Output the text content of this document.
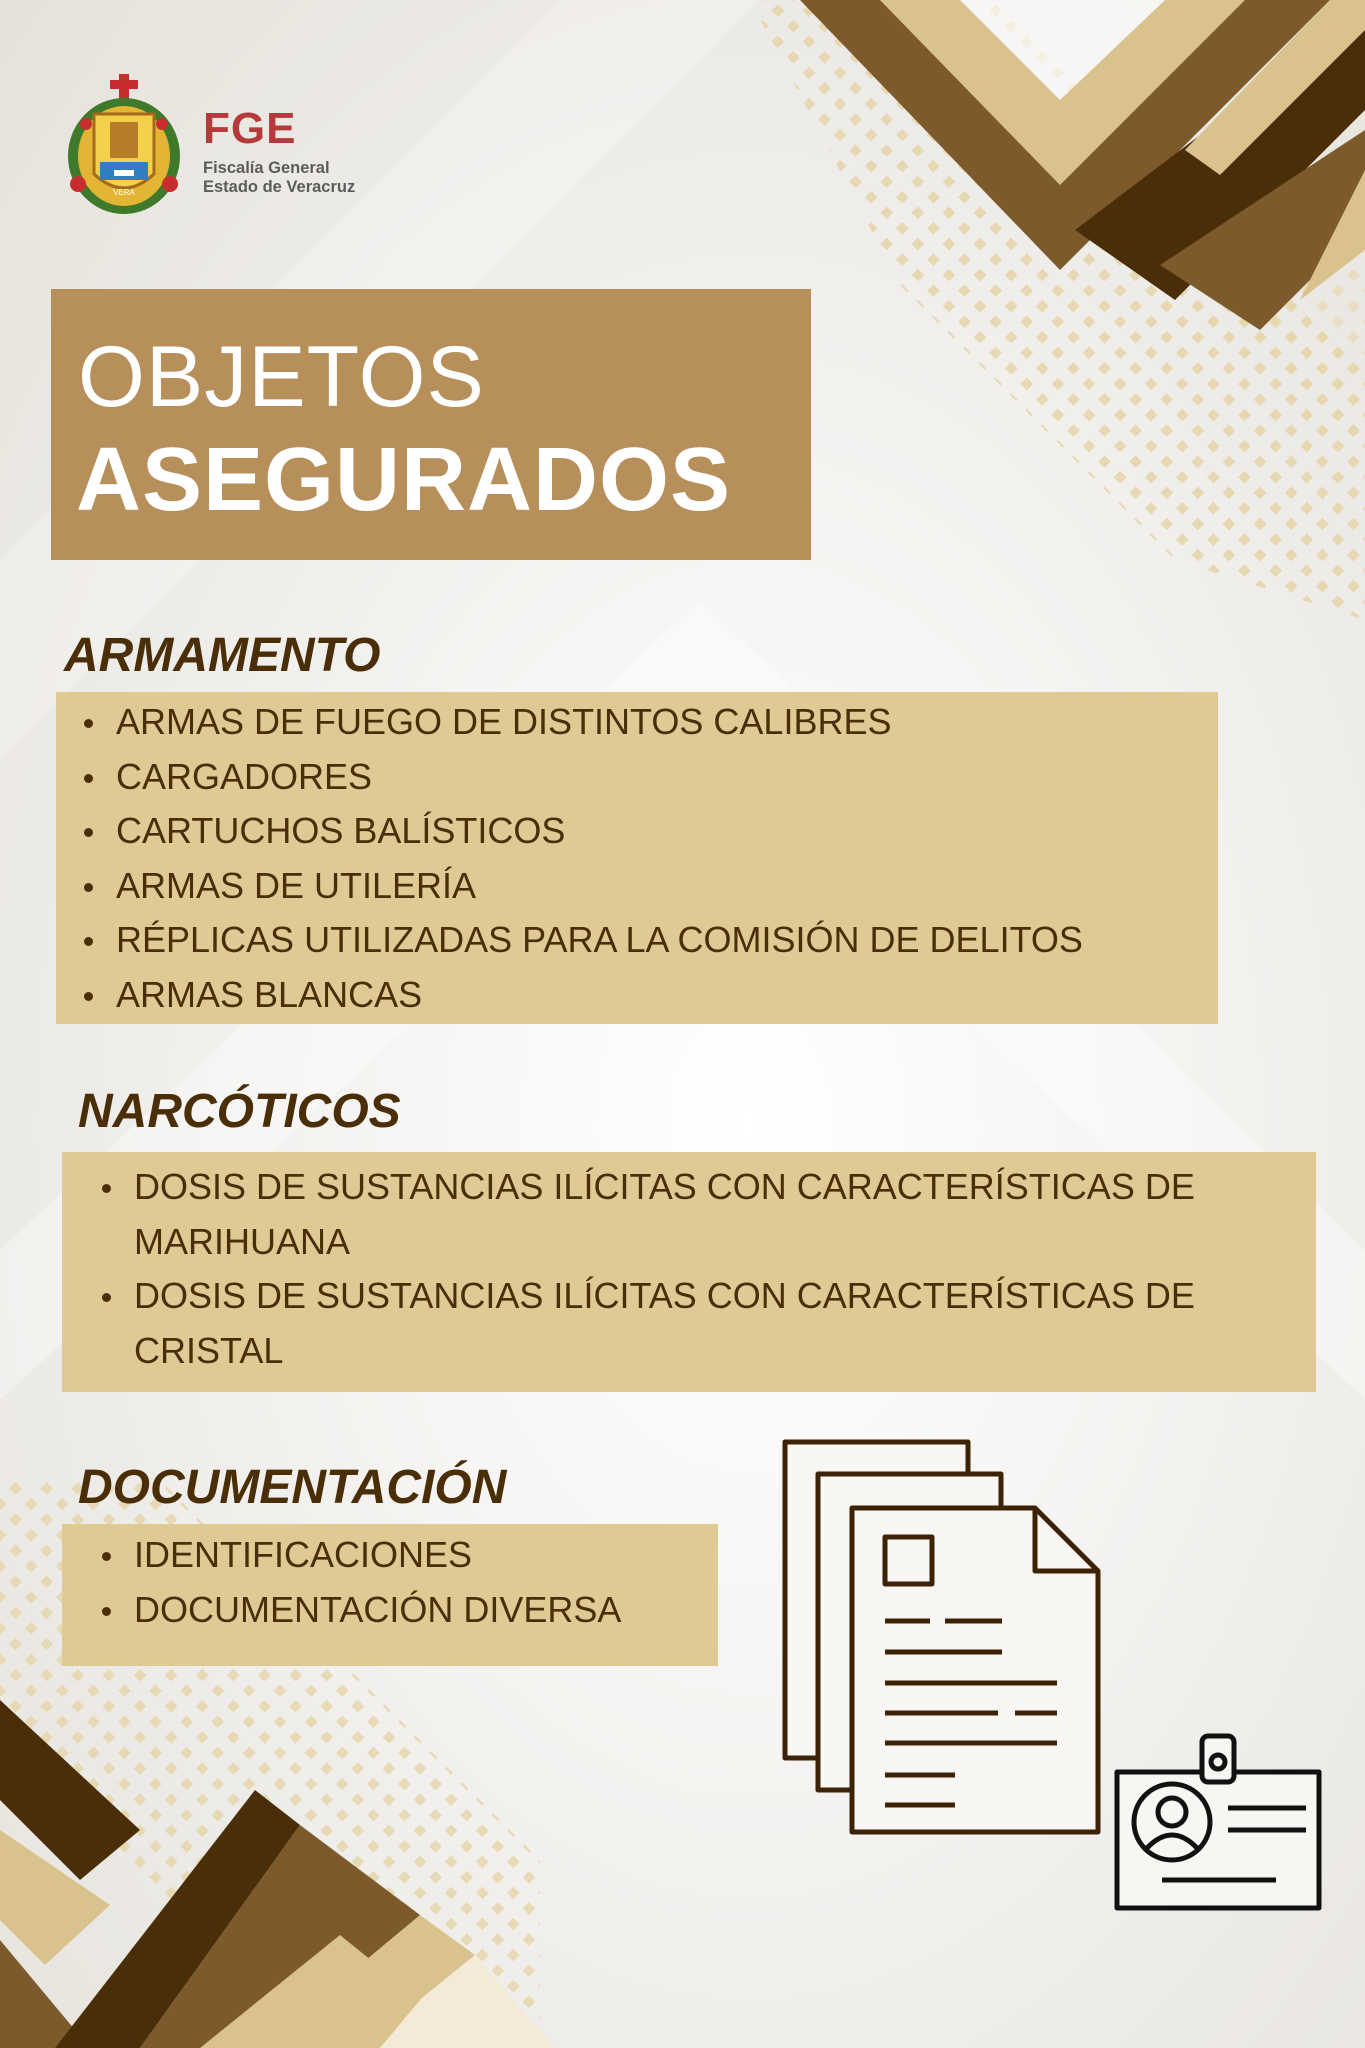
VERA
FGE
Fiscalía General
Estado de Veracruz
OBJETOS
ASEGURADOS
ARMAMENTO
ARMAS DE FUEGO DE DISTINTOS CALIBRES
CARGADORES
CARTUCHOS BALÍSTICOS
ARMAS DE UTILERÍA
RÉPLICAS UTILIZADAS PARA LA COMISIÓN DE DELITOS
ARMAS BLANCAS
NARCÓTICOS
DOSIS DE SUSTANCIAS ILÍCITAS CON CARACTERÍSTICAS DE MARIHUANA
DOSIS DE SUSTANCIAS ILÍCITAS CON CARACTERÍSTICAS DE CRISTAL
DOCUMENTACIÓN
IDENTIFICACIONES
DOCUMENTACIÓN DIVERSA
